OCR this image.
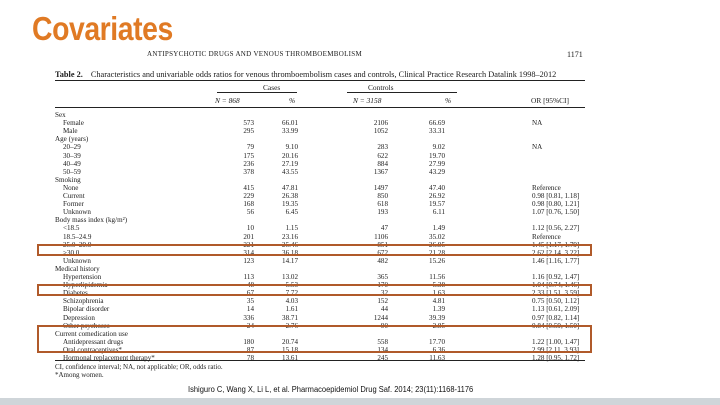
Covariates
ANTIPSYCHOTIC DRUGS AND VENOUS THROMBOEMBOLISM	1171
Table 2. Characteristics and univariable odds ratios for venous thromboembolism cases and controls, Clinical Practice Research Datalink 1998–2012
Cases	Controls
N = 868	%	N = 3158	%	OR [95%CI]
Sex
Female	573	66.01	2106	66.69	NA
Male	295	33.99	1052	33.31
Age (years)
20–29	79	9.10	283	9.02	NA
30–39	175	20.16	622	19.70
40–49	236	27.19	884	27.99
50–59	378	43.55	1367	43.29
Smoking
None	415	47.81	1497	47.40	Reference
Current	229	26.38	850	26.92	0.98 [0.81, 1.18]
Former	168	19.35	618	19.57	0.98 [0.80, 1.21]
Unknown	56	6.45	193	6.11	1.07 [0.76, 1.50]
Body mass index (kg/m²)
<18.5	10	1.15	47	1.49	1.12 [0.56, 2.27]
18.5–24.9	201	23.16	1106	35.02	Reference
25.0–29.9	221	25.46	851	26.95	1.45 [1.17, 1.79]
≥30.0	314	36.18	672	21.28	2.62 [2.14, 3.22]
Unknown	123	14.17	482	15.26	1.46 [1.16, 1.77]
Medical history
Hypertension	113	13.02	365	11.56	1.16 [0.92, 1.47]
Hyperlipidemia	48	5.53	170	5.38	1.04 [0.74, 1.46]
Diabetes	67	7.72	32	1.63	2.33 [1.51, 3.59]
Schizophrenia	35	4.03	152	4.81	0.75 [0.50, 1.12]
Bipolar disorder	14	1.61	44	1.39	1.13 [0.61, 2.09]
Depression	336	38.71	1244	39.39	0.97 [0.82, 1.14]
Other psychoses	24	2.76	90	2.85	0.84 [0.59, 1.50]
Current comedication use
Antidepressant drugs	180	20.74	558	17.70	1.22 [1.00, 1.47]
Oral contraceptives*	87	15.18	134	6.36	2.99 [2.11, 3.93]
Hormonal replacement therapy*	78	13.61	245	11.63	1.28 [0.95, 1.72]
CI, confidence interval; NA, not applicable; OR, odds ratio.
*Among women.
Ishiguro C, Wang X, Li L, et al. Pharmacoepidemiol Drug Saf. 2014; 23(11):1168-1176
